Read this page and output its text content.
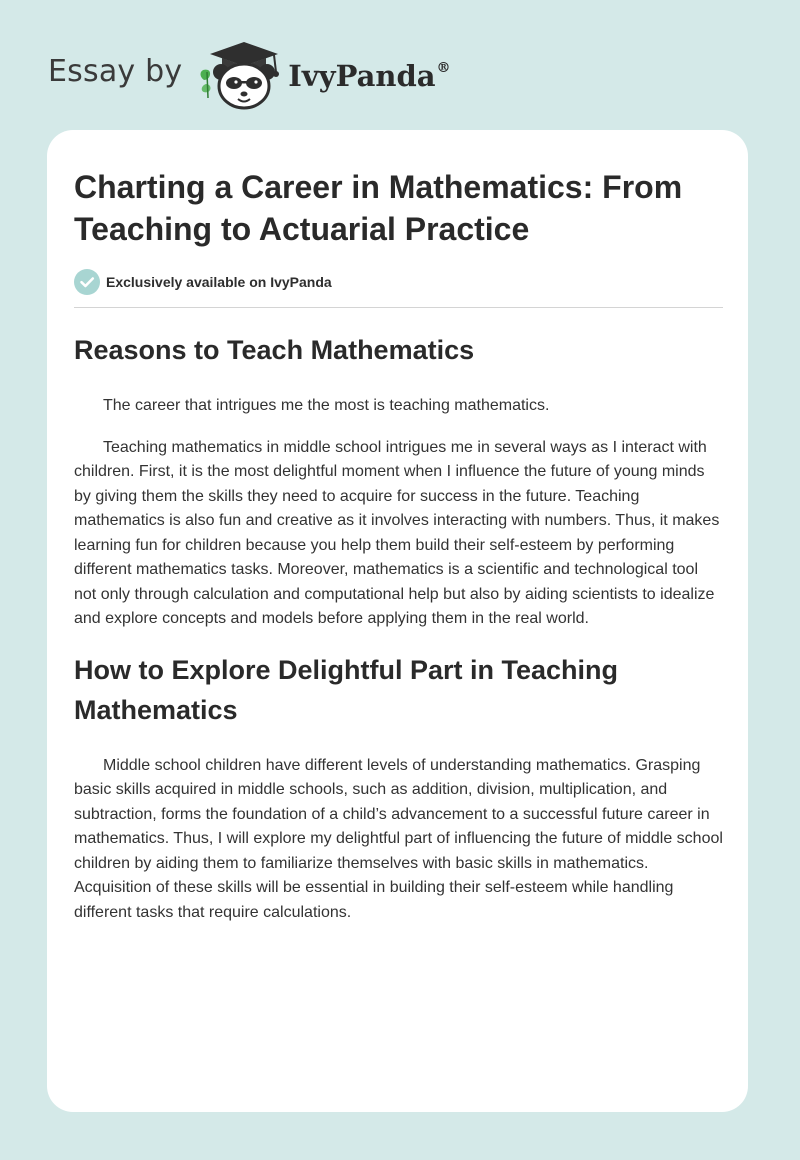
Essay by	IvyPanda®
Charting a Career in Mathematics: From Teaching to Actuarial Practice
Exclusively available on IvyPanda
Reasons to Teach Mathematics

The career that intrigues me the most is teaching mathematics.

Teaching mathematics in middle school intrigues me in several ways as I interact with children. First, it is the most delightful moment when I influence the future of young minds by giving them the skills they need to acquire for success in the future. Teaching mathematics is also fun and creative as it involves interacting with numbers. Thus, it makes learning fun for children because you help them build their self-esteem by performing different mathematics tasks. Moreover, mathematics is a scientific and technological tool not only through calculation and computational help but also by aiding scientists to idealize and explore concepts and models before applying them in the real world.

How to Explore Delightful Part in Teaching Mathematics

Middle school children have different levels of understanding mathematics. Grasping basic skills acquired in middle schools, such as addition, division, multiplication, and subtraction, forms the foundation of a child’s advancement to a successful future career in mathematics. Thus, I will explore my delightful part of influencing the future of middle school children by aiding them to familiarize themselves with basic skills in mathematics. Acquisition of these skills will be essential in building their self-esteem while handling different tasks that require calculations.
